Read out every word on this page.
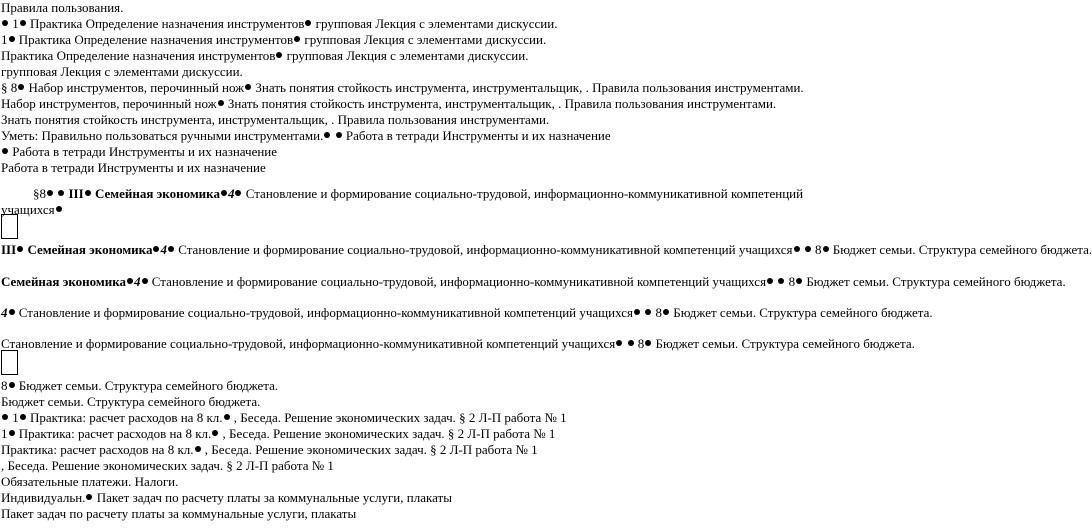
Правила пользования.
1 Практика Определение назначения инструментов групповая Лекция с элементами дискуссии.
1 Практика Определение назначения инструментов групповая Лекция с элементами дискуссии.
Практика Определение назначения инструментов групповая Лекция с элементами дискуссии.
групповая Лекция с элементами дискуссии.
§ 8 Набор инструментов, перочинный нож Знать понятия стойкость инструмента, инструментальщик, . Правила пользования инструментами.
Набор инструментов, перочинный нож Знать понятия стойкость инструмента, инструментальщик, . Правила пользования инструментами.
Знать понятия стойкость инструмента, инструментальщик, . Правила пользования инструментами.
Уметь: Правильно пользоваться ручными инструментами.  Работа в тетради Инструменты и их назначение
Работа в тетради Инструменты и их назначение
Работа в тетради Инструменты и их назначение
§8 III Семейная экономика 4 Становление и формирование социально-трудовой, информационно-коммуникативной компетенций
учащихся
III Семейная экономика 4 Становление и формирование социально-трудовой, информационно-коммуникативной компетенций учащихся  8 Бюджет семьи. Структура семейного бюджета.
Семейная экономика 4 Становление и формирование социально-трудовой, информационно-коммуникативной компетенций учащихся  8 Бюджет семьи. Структура семейного бюджета.
4 Становление и формирование социально-трудовой, информационно-коммуникативной компетенций учащихся  8 Бюджет семьи. Структура семейного бюджета.
Становление и формирование социально-трудовой, информационно-коммуникативной компетенций учащихся  8 Бюджет семьи. Структура семейного бюджета.
8 Бюджет семьи. Структура семейного бюджета.
Бюджет семьи. Структура семейного бюджета.
1 Практика: расчет расходов на 8 кл. , Беседа. Решение экономических задач. § 2 Л-П работа № 1
1 Практика: расчет расходов на 8 кл. , Беседа. Решение экономических задач. § 2 Л-П работа № 1
Практика: расчет расходов на 8 кл. , Беседа. Решение экономических задач. § 2 Л-П работа № 1
, Беседа. Решение экономических задач. § 2 Л-П работа № 1
Обязательные платежи. Налоги.
Индивидуальн. Пакет задач по расчету платы за коммунальные услуги, плакаты
Пакет задач по расчету платы за коммунальные услуги, плакаты
